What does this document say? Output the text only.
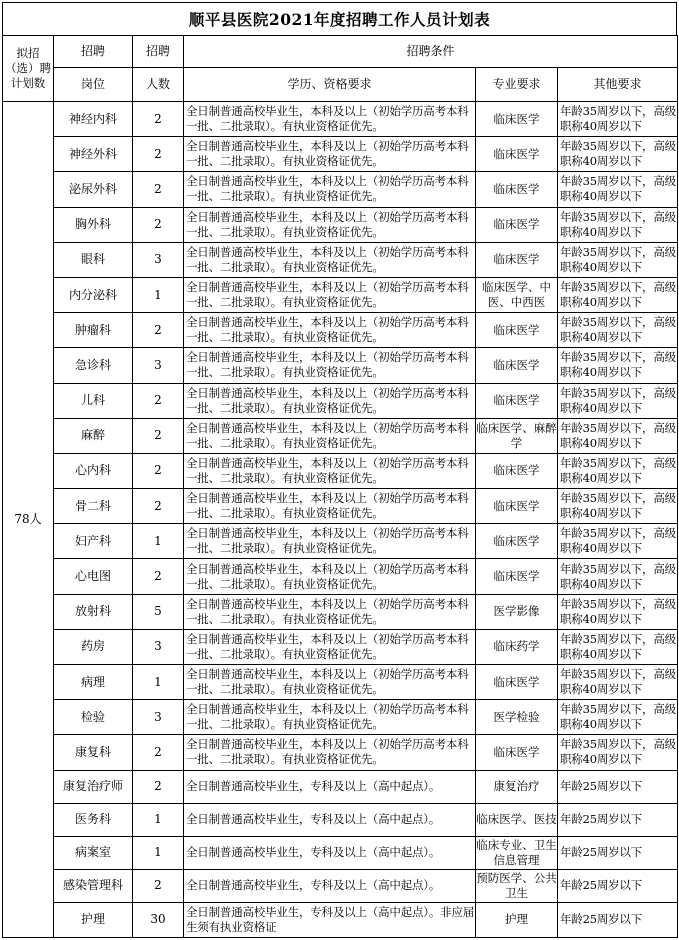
顺平县医院2021年度招聘工作人员计划表
拟招（选）聘计划数	招聘	招聘	招聘条件		
	岗位	人数	学历、资格要求	专业要求	其他要求
78人	神经内科	2	全日制普通高校毕业生，本科及以上（初始学历高考本科一批、二批录取）。有执业资格证优先。	临床医学	年龄35周岁以下，高级职称40周岁以下
	神经外科	2	全日制普通高校毕业生，本科及以上（初始学历高考本科一批、二批录取）。有执业资格证优先。	临床医学	年龄35周岁以下，高级职称40周岁以下
	泌尿外科	2	全日制普通高校毕业生，本科及以上（初始学历高考本科一批、二批录取）。有执业资格证优先。	临床医学	年龄35周岁以下，高级职称40周岁以下
	胸外科	2	全日制普通高校毕业生，本科及以上（初始学历高考本科一批、二批录取）。有执业资格证优先。	临床医学	年龄35周岁以下，高级职称40周岁以下
	眼科	3	全日制普通高校毕业生，本科及以上（初始学历高考本科一批、二批录取）。有执业资格证优先。	临床医学	年龄35周岁以下，高级职称40周岁以下
	内分泌科	1	全日制普通高校毕业生，本科及以上（初始学历高考本科一批、二批录取）。有执业资格证优先。	临床医学、中医、中西医	年龄35周岁以下，高级职称40周岁以下
	肿瘤科	2	全日制普通高校毕业生，本科及以上（初始学历高考本科一批、二批录取）。有执业资格证优先。	临床医学	年龄35周岁以下，高级职称40周岁以下
	急诊科	3	全日制普通高校毕业生，本科及以上（初始学历高考本科一批、二批录取）。有执业资格证优先。	临床医学	年龄35周岁以下，高级职称40周岁以下
	儿科	2	全日制普通高校毕业生，本科及以上（初始学历高考本科一批、二批录取）。有执业资格证优先。	临床医学	年龄35周岁以下，高级职称40周岁以下
	麻醉	2	全日制普通高校毕业生，本科及以上（初始学历高考本科一批、二批录取）。有执业资格证优先。	临床医学、麻醉学	年龄35周岁以下，高级职称40周岁以下
	心内科	2	全日制普通高校毕业生，本科及以上（初始学历高考本科一批、二批录取）。有执业资格证优先。	临床医学	年龄35周岁以下，高级职称40周岁以下
	骨二科	2	全日制普通高校毕业生，本科及以上（初始学历高考本科一批、二批录取）。有执业资格证优先。	临床医学	年龄35周岁以下，高级职称40周岁以下
	妇产科	1	全日制普通高校毕业生，本科及以上（初始学历高考本科一批、二批录取）。有执业资格证优先。	临床医学	年龄35周岁以下，高级职称40周岁以下
	心电图	2	全日制普通高校毕业生，本科及以上（初始学历高考本科一批、二批录取）。有执业资格证优先。	临床医学	年龄35周岁以下，高级职称40周岁以下
	放射科	5	全日制普通高校毕业生，本科及以上（初始学历高考本科一批、二批录取）。有执业资格证优先。	医学影像	年龄35周岁以下，高级职称40周岁以下
	药房	3	全日制普通高校毕业生，本科及以上（初始学历高考本科一批、二批录取）。有执业资格证优先。	临床药学	年龄35周岁以下，高级职称40周岁以下
	病理	1	全日制普通高校毕业生，本科及以上（初始学历高考本科一批、二批录取）。有执业资格证优先。	临床医学	年龄35周岁以下，高级职称40周岁以下
	检验	3	全日制普通高校毕业生，本科及以上（初始学历高考本科一批、二批录取）。有执业资格证优先。	医学检验	年龄35周岁以下，高级职称40周岁以下
	康复科	2	全日制普通高校毕业生，本科及以上（初始学历高考本科一批、二批录取）。有执业资格证优先。	临床医学	年龄35周岁以下，高级职称40周岁以下
	康复治疗师	2	全日制普通高校毕业生，专科及以上（高中起点）。	康复治疗	年龄25周岁以下
	医务科	1	全日制普通高校毕业生，专科及以上（高中起点）。	临床医学、医技	年龄25周岁以下
	病案室	1	全日制普通高校毕业生，专科及以上（高中起点）。	临床专业、卫生信息管理	年龄25周岁以下
	感染管理科	2	全日制普通高校毕业生，专科及以上（高中起点）。	预防医学、公共卫生	年龄25周岁以下
	护理	30	全日制普通高校毕业生，专科及以上（高中起点）。非应届生须有执业资格证	护理	年龄25周岁以下
